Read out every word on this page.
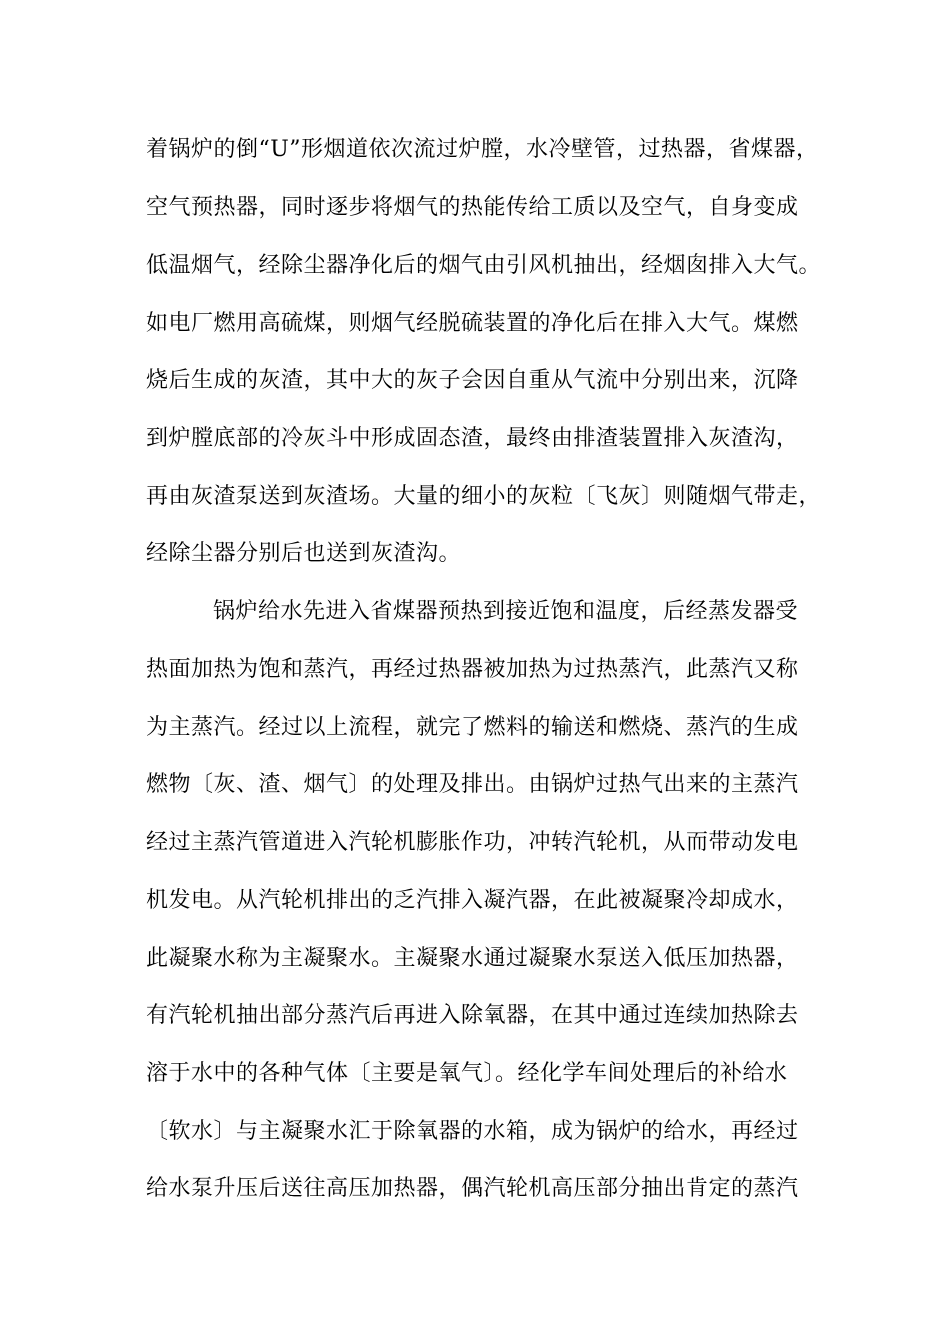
着锅炉的倒“U”形烟道依次流过炉膛，水冷壁管，过热器，省煤器，
空气预热器，同时逐步将烟气的热能传给工质以及空气，自身变成
低温烟气，经除尘器净化后的烟气由引风机抽出，经烟囱排入大气。
如电厂燃用高硫煤，则烟气经脱硫装置的净化后在排入大气。煤燃
烧后生成的灰渣，其中大的灰子会因自重从气流中分别出来，沉降
到炉膛底部的冷灰斗中形成固态渣，最终由排渣装置排入灰渣沟，
再由灰渣泵送到灰渣场。大量的细小的灰粒〔飞灰〕则随烟气带走，
经除尘器分别后也送到灰渣沟。
锅炉给水先进入省煤器预热到接近饱和温度，后经蒸发器受
热面加热为饱和蒸汽，再经过热器被加热为过热蒸汽，此蒸汽又称
为主蒸汽。经过以上流程，就完了燃料的输送和燃烧、蒸汽的生成
燃物〔灰、渣、烟气〕的处理及排出。由锅炉过热气出来的主蒸汽
经过主蒸汽管道进入汽轮机膨胀作功，冲转汽轮机，从而带动发电
机发电。从汽轮机排出的乏汽排入凝汽器，在此被凝聚冷却成水，
此凝聚水称为主凝聚水。主凝聚水通过凝聚水泵送入低压加热器，
有汽轮机抽出部分蒸汽后再进入除氧器，在其中通过连续加热除去
溶于水中的各种气体〔主要是氧气〕。经化学车间处理后的补给水
〔软水〕与主凝聚水汇于除氧器的水箱，成为锅炉的给水，再经过
给水泵升压后送往高压加热器，偶汽轮机高压部分抽出肯定的蒸汽
